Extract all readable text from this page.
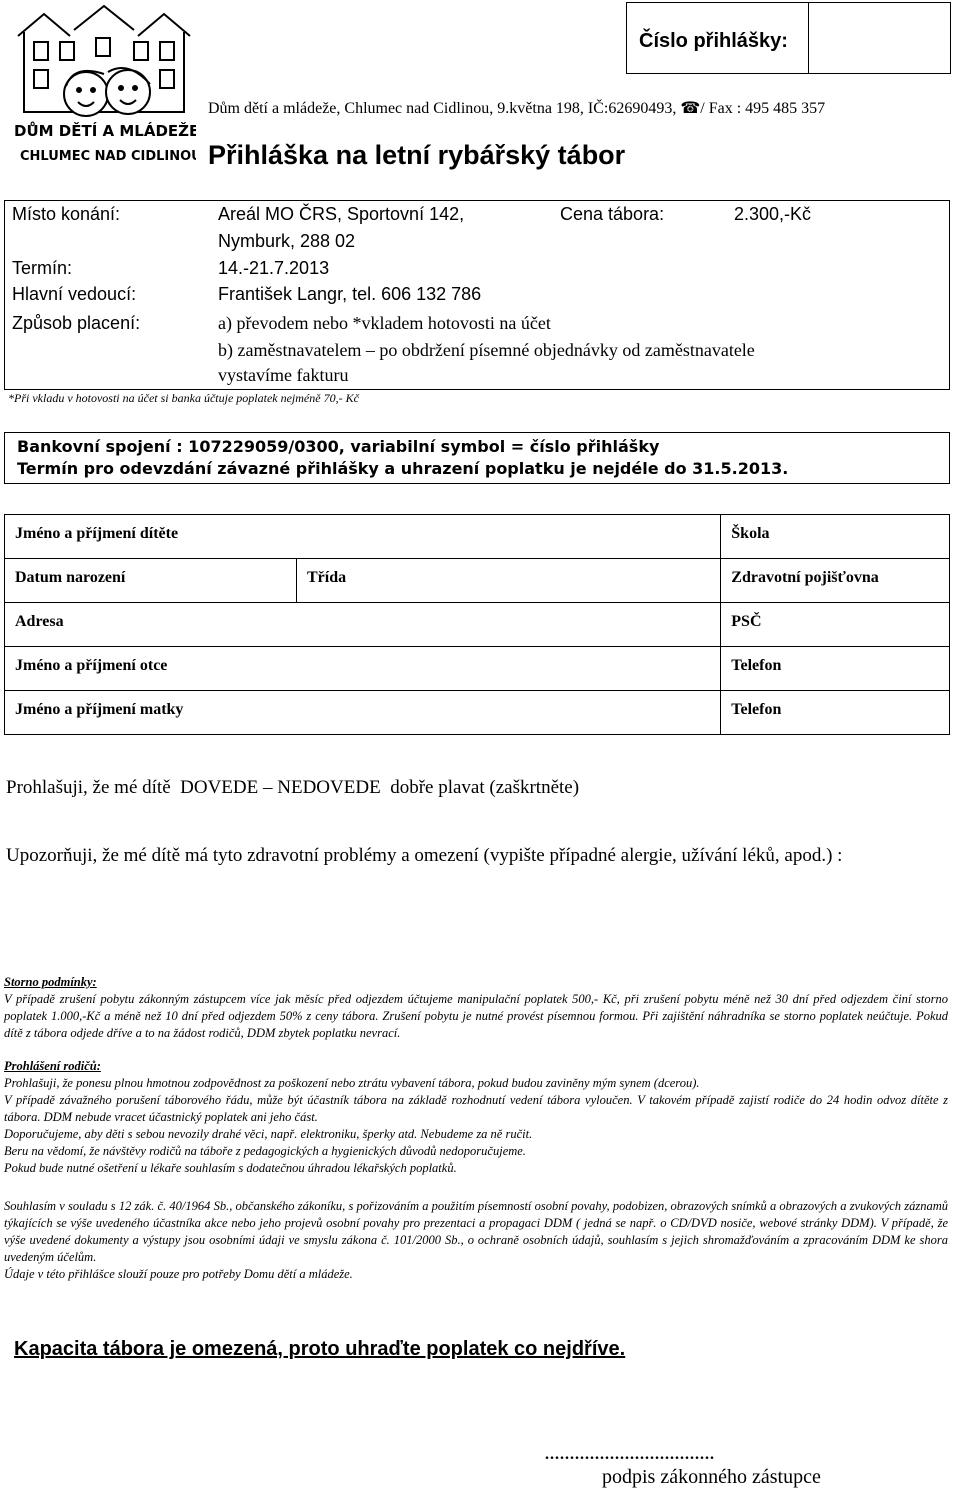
DŮM DĚTÍ A MLÁDEŽE
CHLUMEC NAD CIDLINOU
Číslo přihlášky:
Dům dětí a mládeže, Chlumec nad Cidlinou, 9.května 198, IČ:62690493, ☎/ Fax : 495 485 357
Přihláška na letní rybářský tábor
Místo konání:	Areál MO ČRS, Sportovní 142,
Nymburk, 288 02
Cena tábora:	2.300,-Kč
Termín:	14.-21.7.2013
Hlavní vedoucí:	František Langr, tel. 606 132 786
Způsob placení:	a) převodem nebo *vkladem hotovosti na účet
b) zaměstnavatelem – po obdržení písemné objednávky od zaměstnavatele
vystavíme fakturu
*Při vkladu v hotovosti na účet si banka účtuje poplatek nejméně 70,- Kč
Bankovní spojení : 107229059/0300, variabilní symbol = číslo přihlášky
Termín pro odevzdání závazné přihlášky a uhrazení poplatku je nejdéle do 31.5.2013.
Jméno a příjmení dítěte		Škola
Datum narození	Třída	Zdravotní pojišťovna
Adresa		PSČ
Jméno a příjmení otce		Telefon
Jméno a příjmení matky		Telefon
Prohlašuji, že mé dítě DOVEDE – NEDOVEDE dobře plavat (zaškrtněte)
Upozorňuji, že mé dítě má tyto zdravotní problémy a omezení (vypište případné alergie, užívání léků, apod.) :
Storno podmínky:
V případě zrušení pobytu zákonným zástupcem více jak měsíc před odjezdem účtujeme manipulační poplatek 500,- Kč, při zrušení pobytu méně než 30 dní před odjezdem činí storno poplatek 1.000,-Kč a méně než 10 dní před odjezdem 50% z ceny tábora. Zrušení pobytu je nutné provést písemnou formou. Při zajištění náhradníka se storno poplatek neúčtuje. Pokud dítě z tábora odjede dříve a to na žádost rodičů, DDM zbytek poplatku nevrací.
Prohlášení rodičů:
Prohlašuji, že ponesu plnou hmotnou zodpovědnost za poškození nebo ztrátu vybavení tábora, pokud budou zaviněny mým synem (dcerou).
V případě závažného porušení táborového řádu, může být účastník tábora na základě rozhodnutí vedení tábora vyloučen. V takovém případě zajistí rodiče do 24 hodin odvoz dítěte z tábora. DDM nebude vracet účastnický poplatek ani jeho část.
Doporučujeme, aby děti s sebou nevozily drahé věci, např. elektroniku, šperky atd. Nebudeme za ně ručit.
Beru na vědomí, že návštěvy rodičů na táboře z pedagogických a hygienických důvodů nedoporučujeme.
Pokud bude nutné ošetření u lékaře souhlasím s dodatečnou úhradou lékařských poplatků.
Souhlasím v souladu s 12 zák. č. 40/1964 Sb., občanského zákoníku, s pořizováním a použitím písemností osobní povahy, podobizen, obrazových snímků a obrazových a zvukových záznamů týkajících se výše uvedeného účastníka akce nebo jeho projevů osobní povahy pro prezentaci a propagaci DDM ( jedná se např. o CD/DVD nosiče, webové stránky DDM). V případě, že výše uvedené dokumenty a výstupy jsou osobními údaji ve smyslu zákona č. 101/2000 Sb., o ochraně osobních údajů, souhlasím s jejich shromažďováním a zpracováním DDM ke shora uvedeným účelům.
Údaje v této přihlášce slouží pouze pro potřeby Domu dětí a mládeže.
Kapacita tábora je omezená, proto uhraďte poplatek co nejdříve.
..................................
podpis zákonného zástupce
